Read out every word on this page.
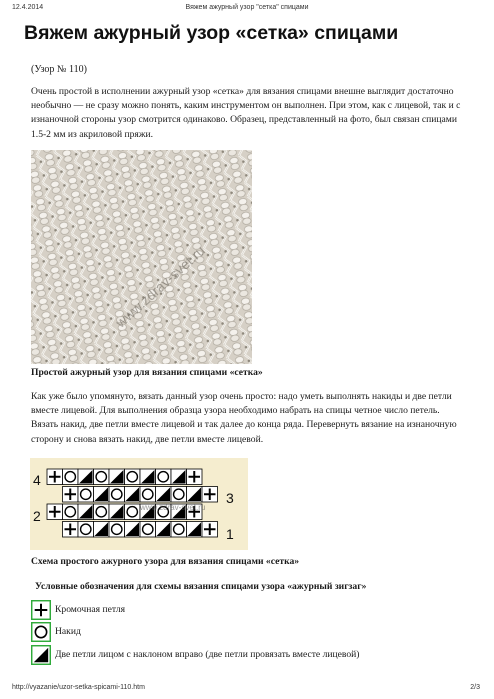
12.4.2014	Вяжем ажурный узор "сетка" спицами
Вяжем ажурный узор «сетка» спицами
(Узор № 110)

Очень простой в исполнении ажурный узор «сетка» для вязания спицами внешне выглядит достаточно необычно — не сразу можно понять, каким инструментом он выполнен. При этом, как с лицевой, так и с изнаночной стороны узор смотрится одинаково. Образец, представленный на фото, был связан спицами 1.5-2 мм из акриловой пряжи.

www.zdrav-svet.ru
Простой ажурный узор для вязания спицами «сетка»

Как уже было упомянуто, вязать данный узор очень просто: надо уметь выполнять накиды и две петли вместе лицевой. Для выполнения образца узора необходимо набрать на спицы четное число петель. Вязать накид, две петли вместе лицевой и так далее до конца ряда. Перевернуть вязание на изнаночную сторону и снова вязать накид, две петли вместе лицевой.

4
2
3
1
www.zdrav-svet.ru
Схема простого ажурного узора для вязания спицами «сетка»
Условные обозначения для схемы вязания спицами узора «ажурный зигзаг»
Кромочная петля
Накид
Две петли лицом с наклоном вправо (две петли провязать вместе лицевой)
http://vyazanie/uzor-setka-spicami-110.htm	2/3
